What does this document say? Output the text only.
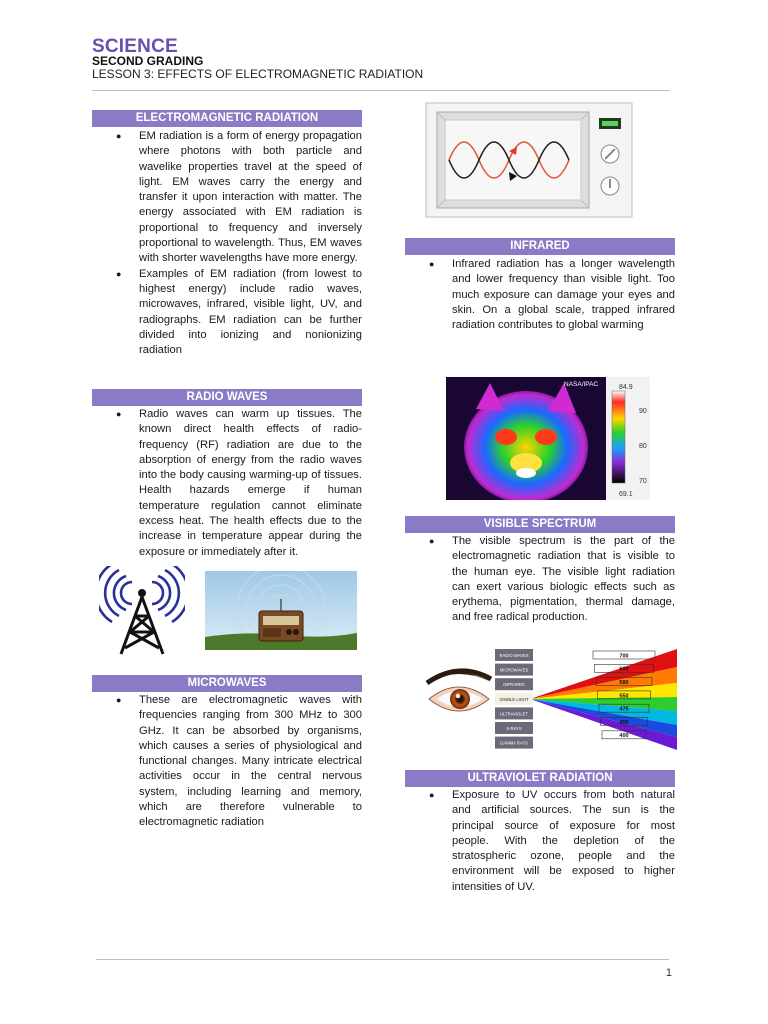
SCIENCE
SECOND GRADING
LESSON 3: EFFECTS OF ELECTROMAGNETIC RADIATION
ELECTROMAGNETIC RADIATION
● EM radiation is a form of energy propagation where photons with both particle and wavelike properties travel at the speed of light. EM waves carry the energy and transfer it upon interaction with matter. The energy associated with EM radiation is proportional to frequency and inversely proportional to wavelength. Thus, EM waves with shorter wavelengths have more energy.
● Examples of EM radiation (from lowest to highest energy) include radio waves, microwaves, infrared, visible light, UV, and radiographs. EM radiation can be further divided into ionizing and nonionizing radiation
RADIO WAVES
● Radio waves can warm up tissues. The known direct health effects of radio-frequency (RF) radiation are due to the absorption of energy from the radio waves into the body causing warming-up of tissues. Health hazards emerge if human temperature regulation cannot eliminate excess heat. The health effects due to the increase in temperature appear during the exposure or immediately after it.
MICROWAVES
● These are electromagnetic waves with frequencies ranging from 300 MHz to 300 GHz. It can be absorbed by organisms, which causes a series of physiological and functional changes. Many intricate electrical activities occur in the central nervous system, including learning and memory, which are therefore vulnerable to electromagnetic radiation
INFRARED
● Infrared radiation has a longer wavelength and lower frequency than visible light. Too much exposure can damage your eyes and skin. On a global scale, trapped infrared radiation contributes to global warming
NASA/IPAC	84.9
90
80
70
69.1
VISIBLE SPECTRUM
● The visible spectrum is the part of the electromagnetic radiation that is visible to the human eye. The visible light radiation can exert various biologic effects such as erythema, pigmentation, thermal damage, and free radical production.
RADIO WAVES
MICROWAVES
INFRARED
VISIBLE LIGHT
ULTRAVIOLET
X-RAYS
GAMMA RAYS
700
600
580
550
475
450
400
ULTRAVIOLET RADIATION
● Exposure to UV occurs from both natural and artificial sources. The sun is the principal source of exposure for most people. With the depletion of the stratospheric ozone, people and the environment will be exposed to higher intensities of UV.
1
